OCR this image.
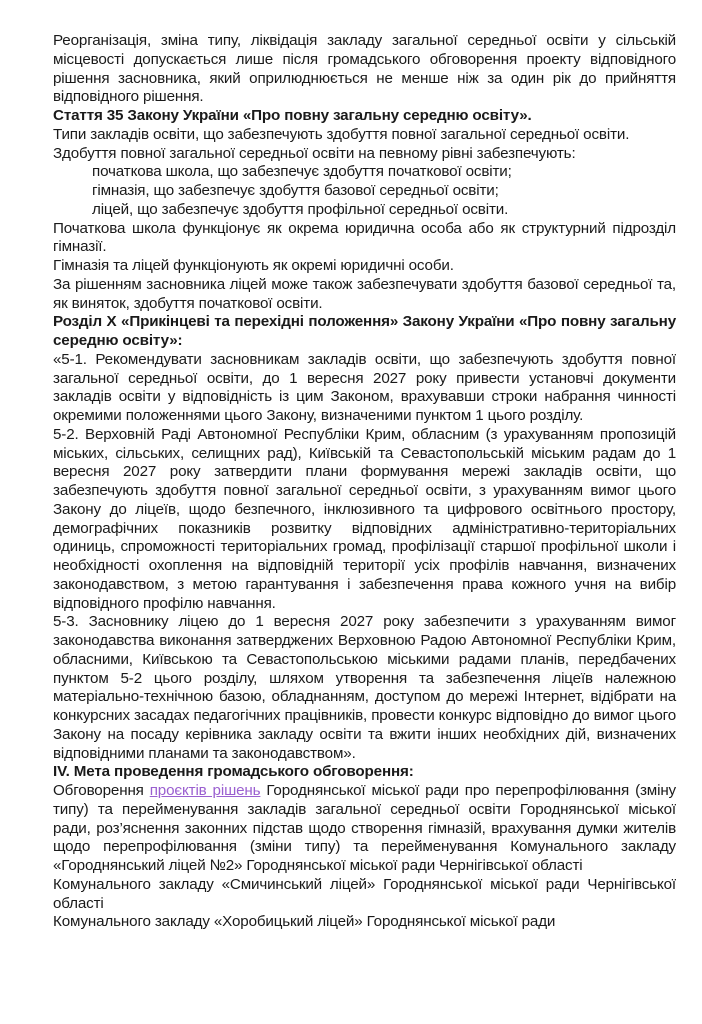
Реорганізація, зміна типу, ліквідація закладу загальної середньої освіти у сільській місцевості допускається лише після громадського обговорення проекту відповідного рішення засновника, який оприлюднюється не менше ніж за один рік до прийняття відповідного рішення.

Стаття 35 Закону України «Про повну загальну середню освіту».

Типи закладів освіти, що забезпечують здобуття повної загальної середньої освіти.

Здобуття повної загальної середньої освіти на певному рівні забезпечують:

початкова школа, що забезпечує здобуття початкової освіти;

гімназія, що забезпечує здобуття базової середньої освіти;

ліцей, що забезпечує здобуття профільної середньої освіти.

Початкова школа функціонує як окрема юридична особа або як структурний підрозділ гімназії.

Гімназія та ліцей функціонують як окремі юридичні особи.

За рішенням засновника ліцей може також забезпечувати здобуття базової середньої та, як виняток, здобуття початкової освіти.

Розділ X «Прикінцеві та перехідні положення» Закону України «Про повну загальну середню освіту»:

«5-1. Рекомендувати засновникам закладів освіти, що забезпечують здобуття повної загальної середньої освіти, до 1 вересня 2027 року привести установчі документи закладів освіти у відповідність із цим Законом, врахувавши строки набрання чинності окремими положеннями цього Закону, визначеними пунктом 1 цього розділу.

5-2. Верховній Раді Автономної Республіки Крим, обласним (з урахуванням пропозицій міських, сільських, селищних рад), Київській та Севастопольській міським радам до 1 вересня 2027 року затвердити плани формування мережі закладів освіти, що забезпечують здобуття повної загальної середньої освіти, з урахуванням вимог цього Закону до ліцеїв, щодо безпечного, інклюзивного та цифрового освітнього простору, демографічних показників розвитку відповідних адміністративно-територіальних одиниць, спроможності територіальних громад, профілізації старшої профільної школи і необхідності охоплення на відповідній території усіх профілів навчання, визначених законодавством, з метою гарантування і забезпечення права кожного учня на вибір відповідного профілю навчання.

5-3. Засновнику ліцею до 1 вересня 2027 року забезпечити з урахуванням вимог законодавства виконання затверджених Верховною Радою Автономної Республіки Крим, обласними, Київською та Севастопольською міськими радами планів, передбачених пунктом 5-2 цього розділу, шляхом утворення та забезпечення ліцеїв належною матеріально-технічною базою, обладнанням, доступом до мережі Інтернет, відібрати на конкурсних засадах педагогічних працівників, провести конкурс відповідно до вимог цього Закону на посаду керівника закладу освіти та вжити інших необхідних дій, визначених відповідними планами та законодавством».

IV. Мета проведення громадського обговорення:

Обговорення проєктів рішень Городнянської міської ради про перепрофілювання (зміну типу) та перейменування закладів загальної середньої освіти Городнянської міської ради, роз’яснення законних підстав щодо створення гімназій, врахування думки жителів щодо перепрофілювання (зміни типу) та перейменування Комунального закладу «Городнянський ліцей №2» Городнянської міської ради Чернігівської області

Комунального закладу «Смичинський ліцей» Городнянської міської ради Чернігівської області

Комунального закладу «Хоробицький ліцей» Городнянської міської ради
